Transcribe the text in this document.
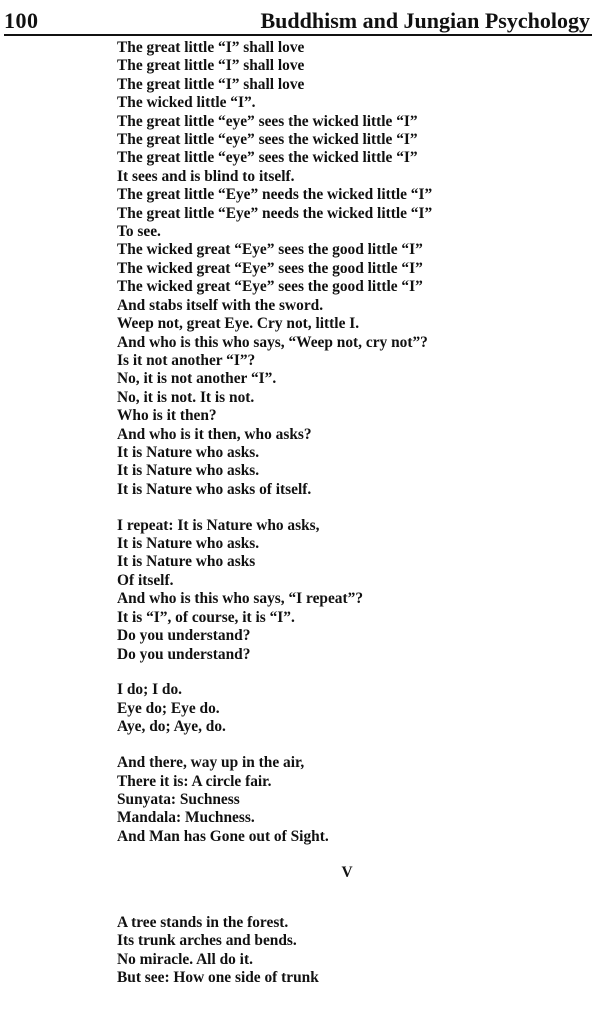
100	Buddhism and Jungian Psychology
The great little “I” shall love
The great little “I” shall love
The great little “I” shall love
The wicked little “I”.
The great little “eye” sees the wicked little “I”
The great little “eye” sees the wicked little “I”
The great little “eye” sees the wicked little “I”
It sees and is blind to itself.
The great little “Eye” needs the wicked little “I”
The great little “Eye” needs the wicked little “I”
To see.
The wicked great “Eye” sees the good little “I”
The wicked great “Eye” sees the good little “I”
The wicked great “Eye” sees the good little “I”
And stabs itself with the sword.
Weep not, great Eye. Cry not, little I.
And who is this who says, “Weep not, cry not”?
Is it not another “I”?
No, it is not another “I”.
No, it is not. It is not.
Who is it then?
And who is it then, who asks?
It is Nature who asks.
It is Nature who asks.
It is Nature who asks of itself.
I repeat: It is Nature who asks,
It is Nature who asks.
It is Nature who asks
Of itself.
And who is this who says, “I repeat”?
It is “I”, of course, it is “I”.
Do you understand?
Do you understand?
I do; I do.
Eye do; Eye do.
Aye, do; Aye, do.
And there, way up in the air,
There it is: A circle fair.
Sunyata: Suchness
Mandala: Muchness.
And Man has Gone out of Sight.
V
A tree stands in the forest.
Its trunk arches and bends.
No miracle. All do it.
But see: How one side of trunk
